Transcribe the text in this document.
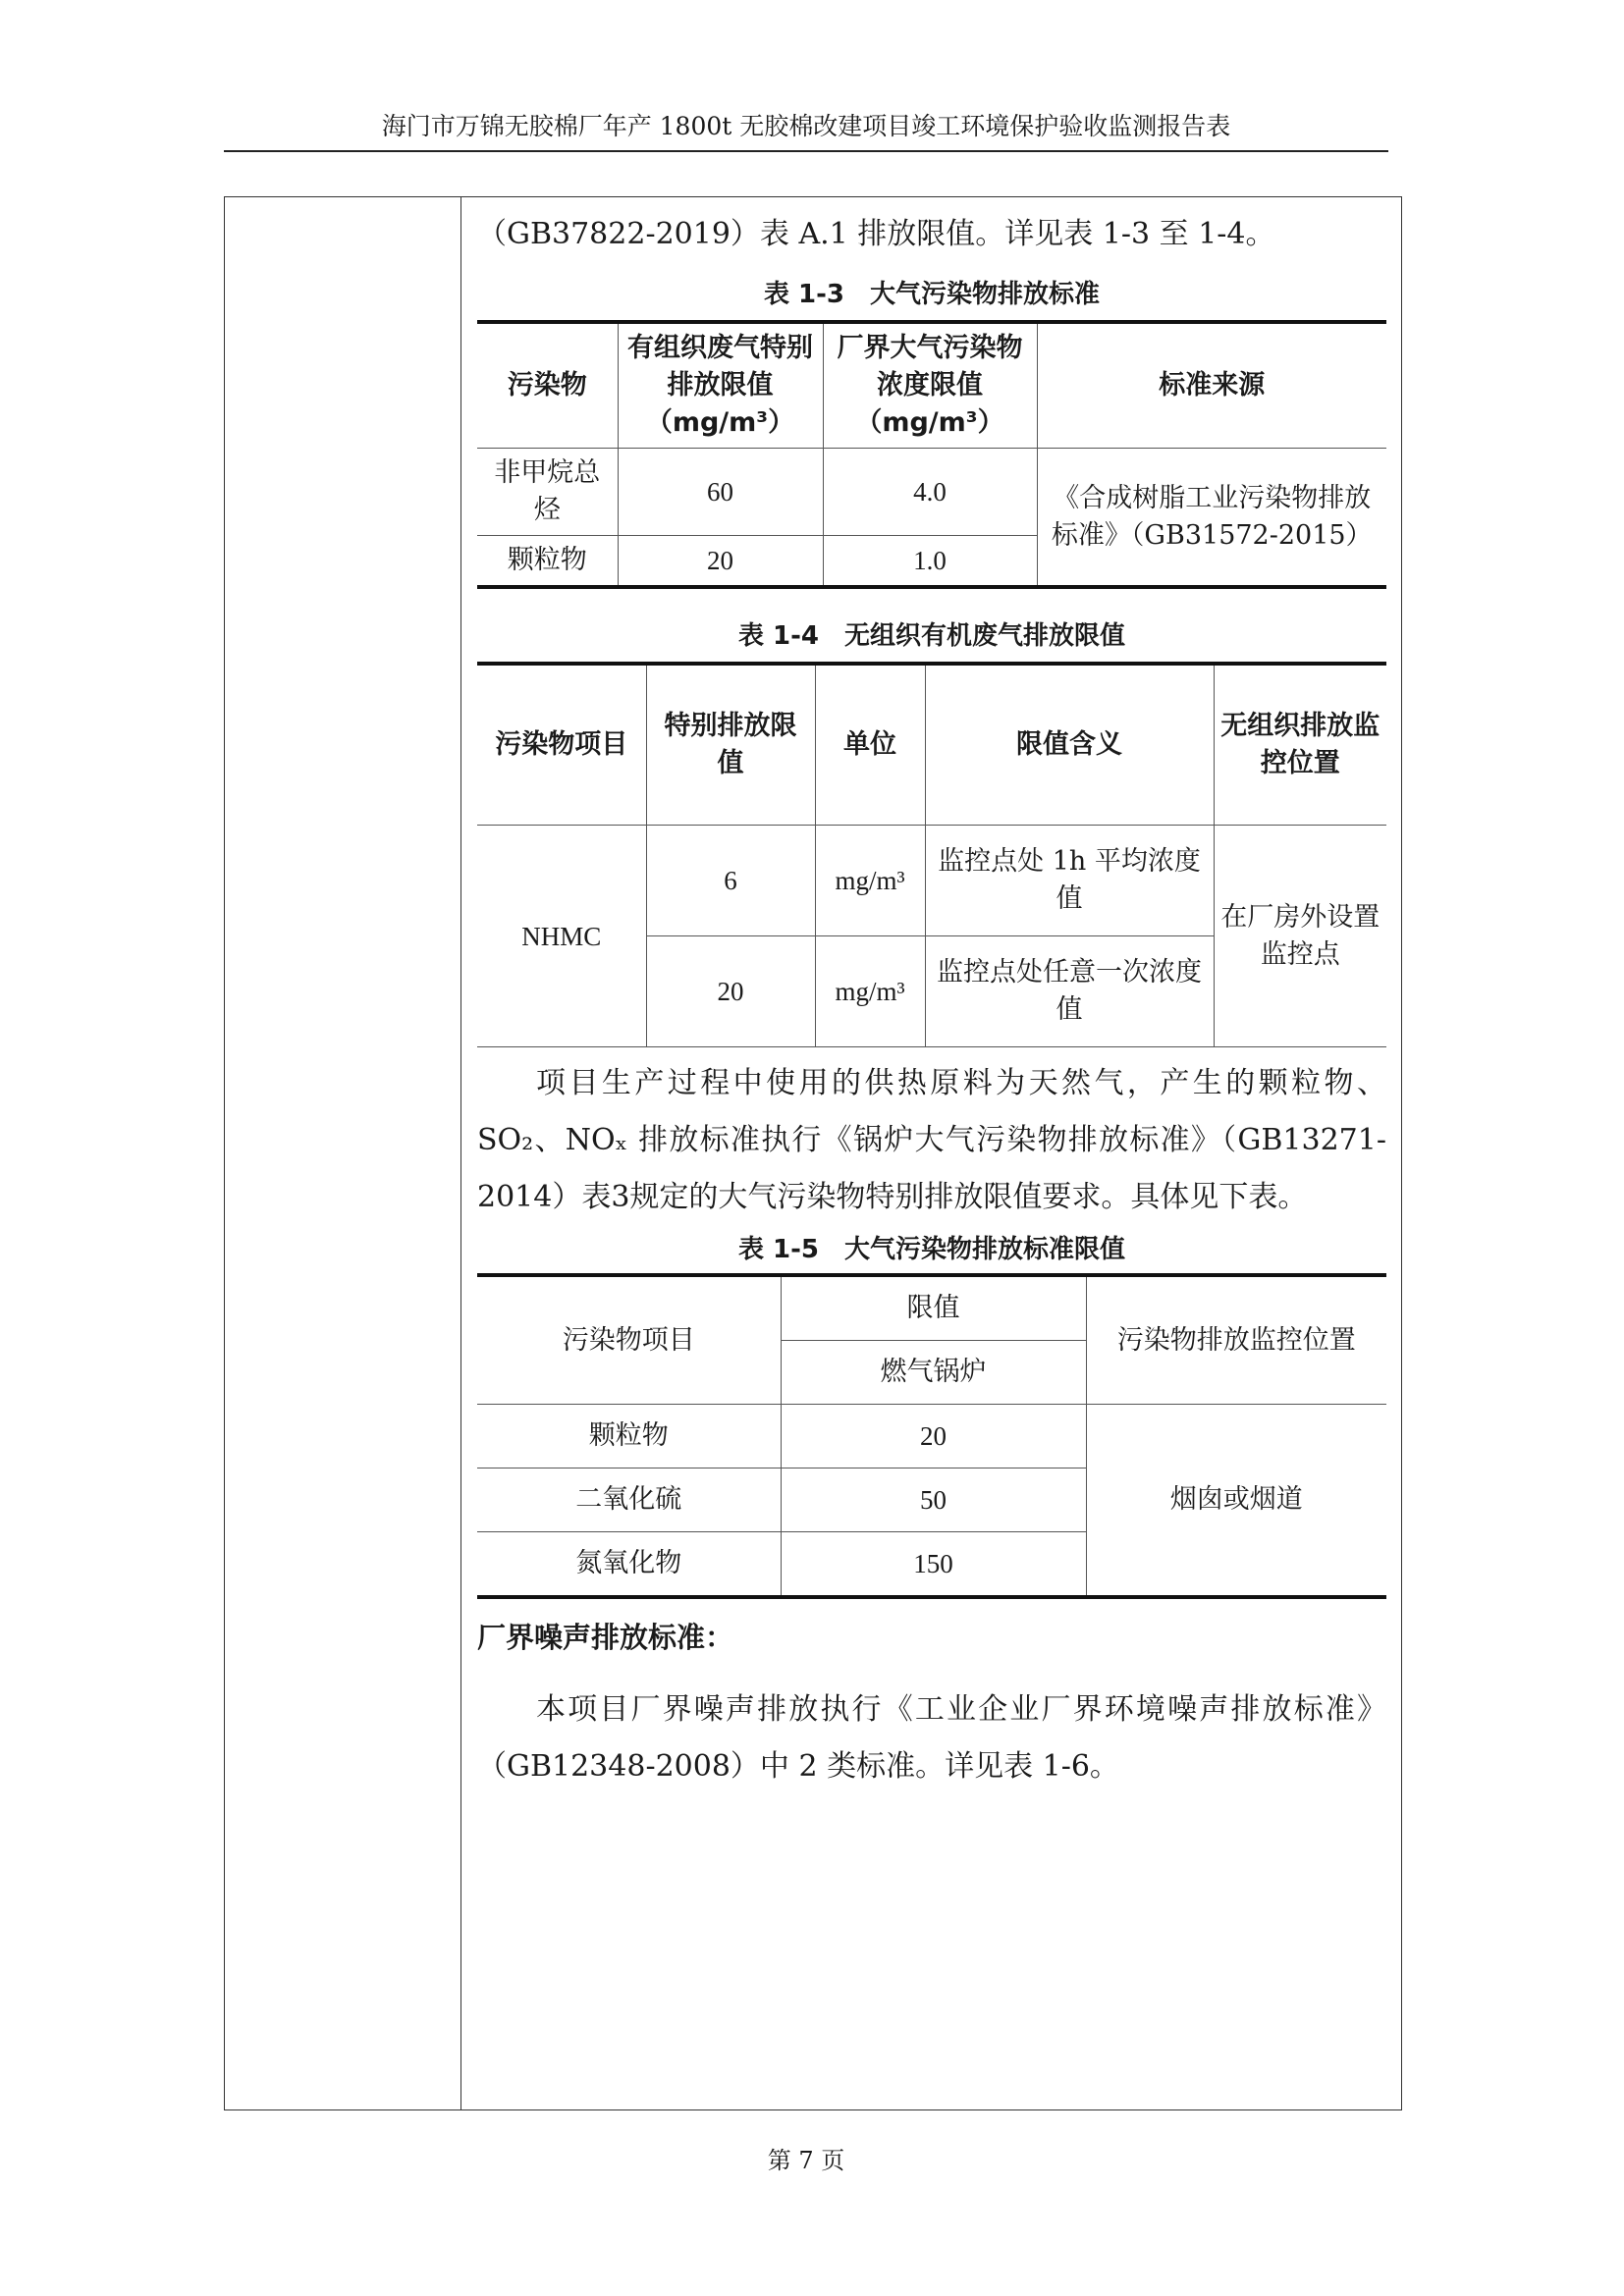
海门市万锦无胶棉厂年产 1800t 无胶棉改建项目竣工环境保护验收监测报告表

（GB37822-2019）表 A.1 排放限值。详见表 1-3 至 1-4。

表 1-3　大气污染物排放标准
污染物	有组织废气特别排放限值（mg/m³）	厂界大气污染物浓度限值（mg/m³）	标准来源
非甲烷总烃	60	4.0	《合成树脂工业污染物排放标准》（GB31572-2015）
颗粒物	20	1.0	
表 1-4　无组织有机废气排放限值
污染物项目	特别排放限值	单位	限值含义	无组织排放监控位置
NHMC	6	mg/m³	监控点处 1h 平均浓度值	在厂房外设置监控点
	20	mg/m³	监控点处任意一次浓度值	

项目生产过程中使用的供热原料为天然气，产生的颗粒物、SO₂、NOₓ 排放标准执行《锅炉大气污染物排放标准》（GB13271-2014）表3规定的大气污染物特别排放限值要求。具体见下表。

表 1-5　大气污染物排放标准限值
污染物项目	限值	污染物排放监控位置
	燃气锅炉	
颗粒物	20	烟囱或烟道
二氧化硫	50	
氮氧化物	150	

厂界噪声排放标准：

本项目厂界噪声排放执行《工业企业厂界环境噪声排放标准》（GB12348-2008）中 2 类标准。详见表 1-6。

第 7 页
